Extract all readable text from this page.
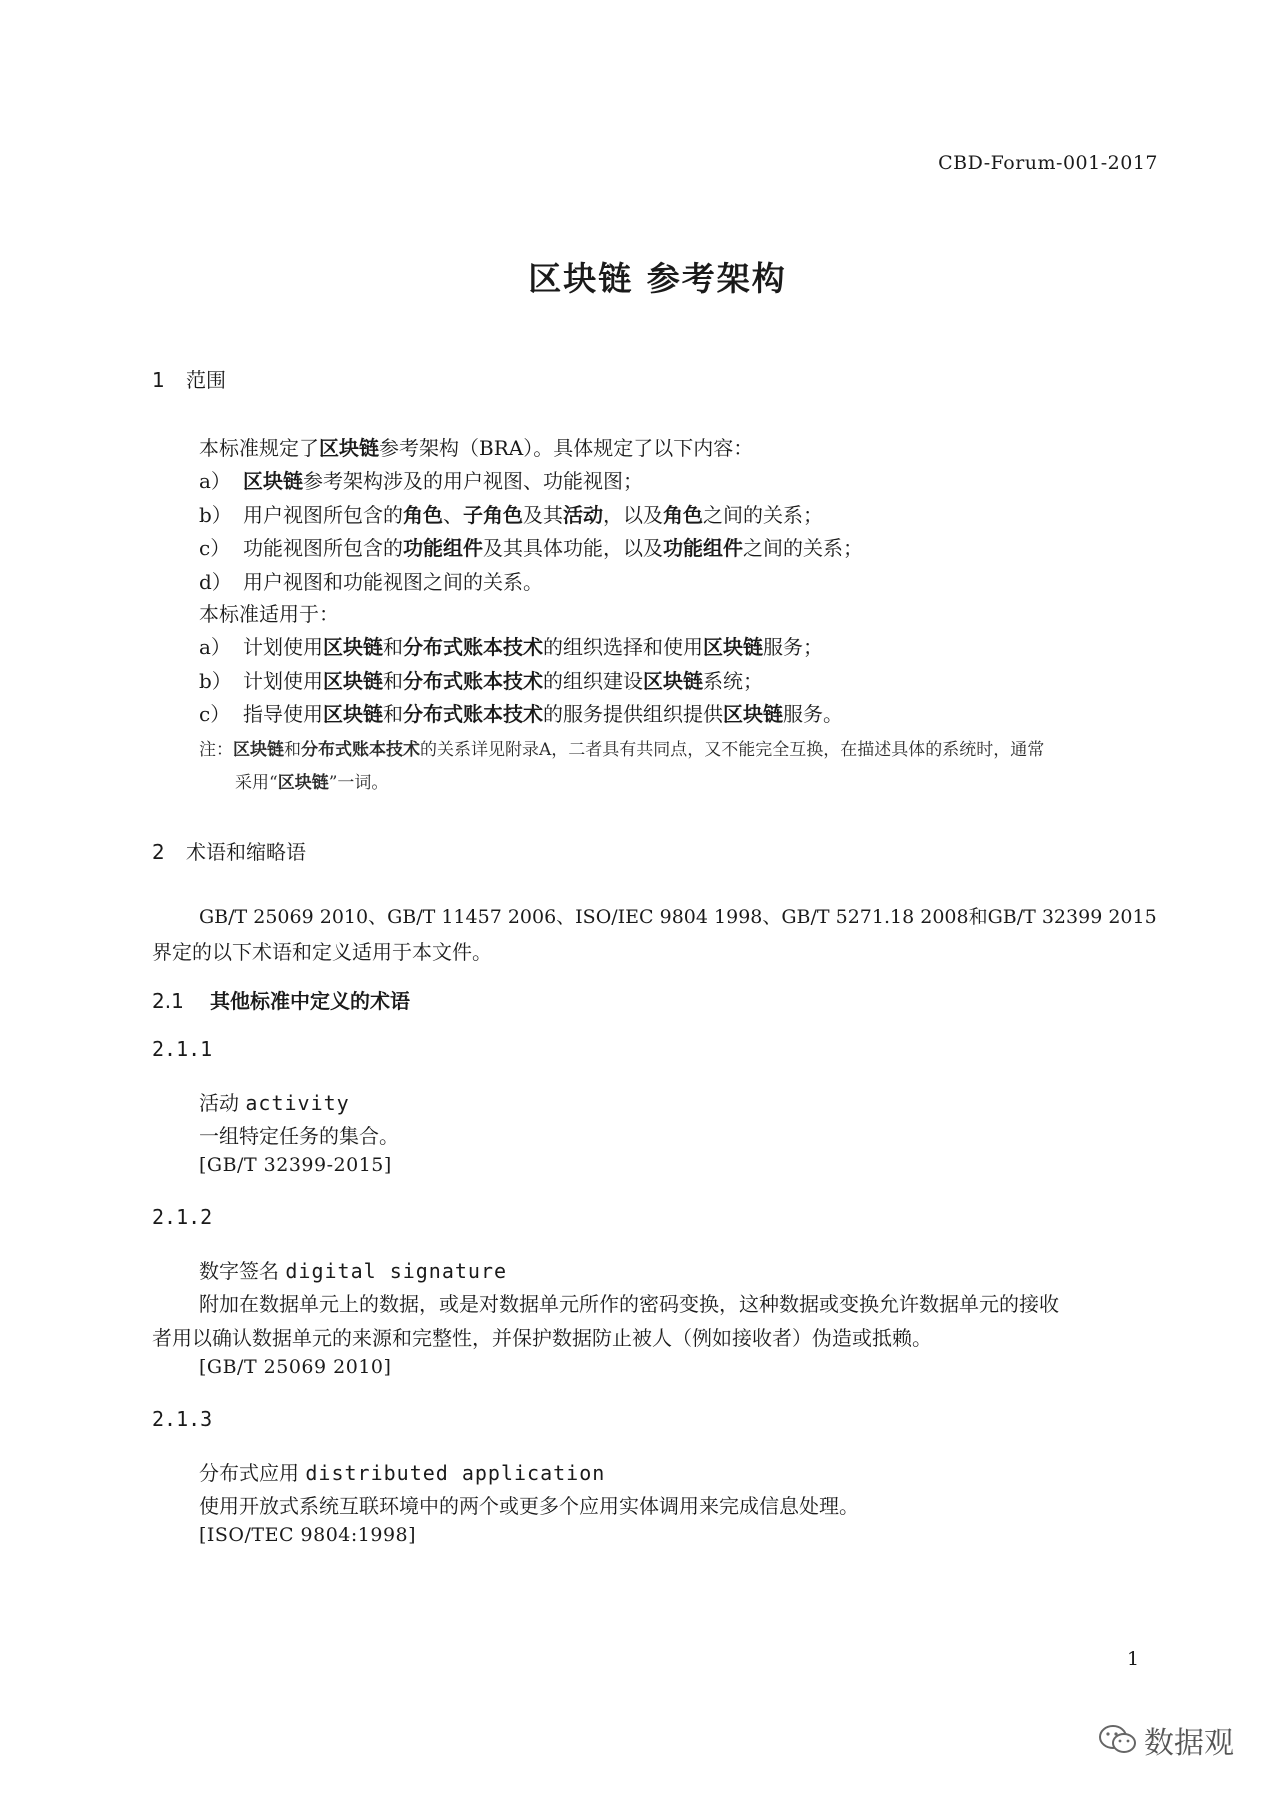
CBD-Forum-001-2017
区块链 参考架构
1 范围
本标准规定了区块链参考架构（BRA）。具体规定了以下内容：
a） 区块链参考架构涉及的用户视图、功能视图；
b） 用户视图所包含的角色、子角色及其活动，以及角色之间的关系；
c） 功能视图所包含的功能组件及其具体功能，以及功能组件之间的关系；
d） 用户视图和功能视图之间的关系。
本标准适用于：
a） 计划使用区块链和分布式账本技术的组织选择和使用区块链服务；
b） 计划使用区块链和分布式账本技术的组织建设区块链系统；
c） 指导使用区块链和分布式账本技术的服务提供组织提供区块链服务。
注：区块链和分布式账本技术的关系详见附录A，二者具有共同点，又不能完全互换，在描述具体的系统时，通常
采用“区块链”一词。
2 术语和缩略语
GB/T 25069 2010、GB/T 11457 2006、ISO/IEC 9804 1998、GB/T 5271.18 2008和GB/T 32399 2015
界定的以下术语和定义适用于本文件。
2.1 其他标准中定义的术语
2.1.1
活动 activity
一组特定任务的集合。
[GB/T 32399-2015]
2.1.2
数字签名 digital signature
附加在数据单元上的数据，或是对数据单元所作的密码变换，这种数据或变换允许数据单元的接收
者用以确认数据单元的来源和完整性，并保护数据防止被人（例如接收者）伪造或抵赖。
[GB/T 25069 2010]
2.1.3
分布式应用 distributed application
使用开放式系统互联环境中的两个或更多个应用实体调用来完成信息处理。
[ISO/TEC 9804:1998]
1
数据观
